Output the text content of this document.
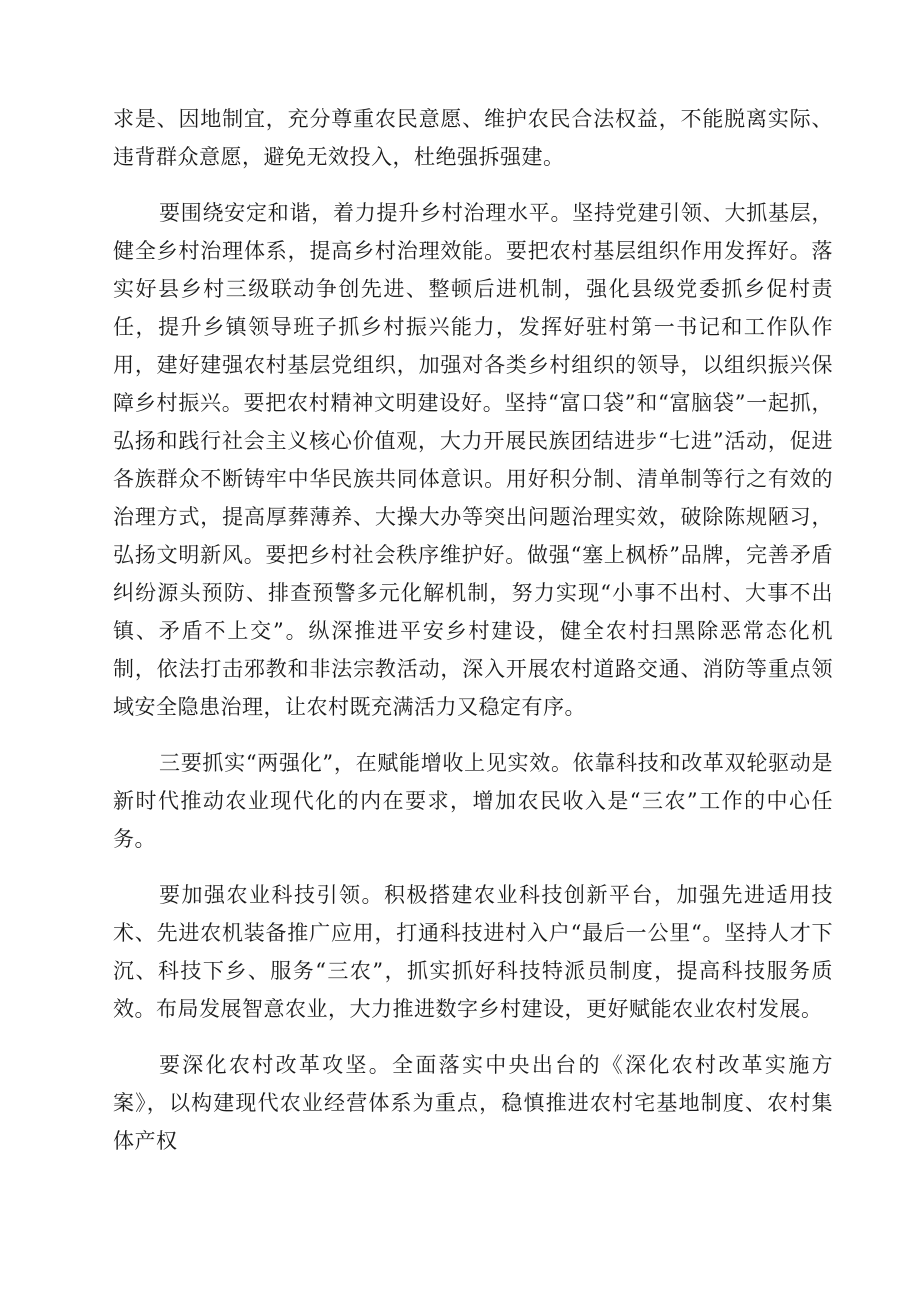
求是、因地制宜，充分尊重农民意愿、维护农民合法权益，不能脱离实际、违背群众意愿，避免无效投入，杜绝强拆强建。

要围绕安定和谐，着力提升乡村治理水平。坚持党建引领、大抓基层，健全乡村治理体系，提高乡村治理效能。要把农村基层组织作用发挥好。落实好县乡村三级联动争创先进、整顿后进机制，强化县级党委抓乡促村责任，提升乡镇领导班子抓乡村振兴能力，发挥好驻村第一书记和工作队作用，建好建强农村基层党组织，加强对各类乡村组织的领导，以组织振兴保障乡村振兴。要把农村精神文明建设好。坚持“富口袋”和“富脑袋”一起抓，弘扬和践行社会主义核心价值观，大力开展民族团结进步“七进”活动，促进各族群众不断铸牢中华民族共同体意识。用好积分制、清单制等行之有效的治理方式，提高厚葬薄养、大操大办等突出问题治理实效，破除陈规陋习，弘扬文明新风。要把乡村社会秩序维护好。做强“塞上枫桥”品牌，完善矛盾纠纷源头预防、排查预警多元化解机制，努力实现“小事不出村、大事不出镇、矛盾不上交”。纵深推进平安乡村建设，健全农村扫黑除恶常态化机制，依法打击邪教和非法宗教活动，深入开展农村道路交通、消防等重点领域安全隐患治理，让农村既充满活力又稳定有序。

三要抓实“两强化”，在赋能增收上见实效。依靠科技和改革双轮驱动是新时代推动农业现代化的内在要求，增加农民收入是“三农”工作的中心任务。

要加强农业科技引领。积极搭建农业科技创新平台，加强先进适用技术、先进农机装备推广应用，打通科技进村入户“最后一公里“。坚持人才下沉、科技下乡、服务“三农”，抓实抓好科技特派员制度，提高科技服务质效。布局发展智意农业，大力推进数字乡村建设，更好赋能农业农村发展。

要深化农村改革攻坚。全面落实中央出台的《深化农村改革实施方案》，以构建现代农业经营体系为重点，稳慎推进农村宅基地制度、农村集体产权
